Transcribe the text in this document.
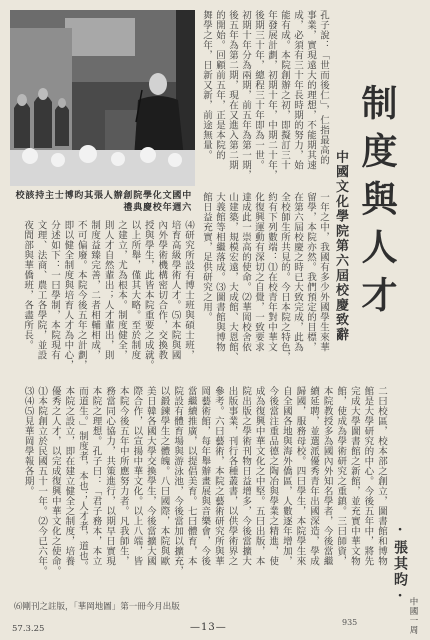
中國文化學院創辦人張其昀博士主持該校
六週年校慶典禮	制度與人才
中國文化學院第六屆校慶致辭
·張其昀·
孔子說：「世而後仁」，仁指最高的
事業，實現遠大的理想，不能期其速
成，必須有三十年長時期的努力，始
能有成。本院創辦之初，即擬訂三十
年發展計劃，初期十年，中期二十年，
後期三十年，總程三十年即為一世。
初期十年分為兩期，前五年為第一期，
後五年為第二期，現在又進入第二期
的開始。回顧前五年，正是本院的
舞學之年，日新又新，前途無量。
一年之中，我國有多少外國學生來華
留學，本院亦然。我們預定的目標，
在第六屆校慶之時已大致完成，此為
全校師生所共見的。今日本院之特色，
約有下列數端：⑴在校青年對中華文
化復興運動有深切之自覺，一致要求
達成此一崇高的使命。⑵華岡校舍依
山建築，規模宏遠，大成館、大恩館、
大義館等相繼落成。⑶圖書館與博物
館日益充實，足供研究之用。
⑷研究所設有博士班與碩士班，
培育高級學術人才。⑸本院與國
內外學術機構密切合作，交換教
授與學生，此皆本院重要之成就。
以上所舉，僅其大略。至於制度
之建立，尤為根本。制度健全，
則人才自然輩出；人才輩出，則
制度益臻完善，二者相輔相成，
不可偏廢。本院今後五年之計劃，
即以健全制度與培育人才為中心，
分述如下：一曰學制，本院現有
文理、法商、農工各學院，並設
夜間部與華僑班，各盡所長。
二曰校區，校本部之創立，圖書館和博物
館是大學研究的中心。今後五年中，將先
完成大學圖書館之新館，並充實中華文物
館，使成為學術研究之重鎮。三曰師資，
本院教授多為國內外知名學者，今後當繼
續延聘，並選派優秀青年出國深造，學成
歸國，服務母校。四曰學生，本院學生來
自全國各地與海外僑區，人數逐年增加，
今後當注重品德之陶冶與學業之精進，使
成為復興中華文化之中堅。五曰出版，本
院出版之學術刊物日益增多，今後當擴大
出版事業，刊行各種叢書，以供學術界之
參考。六曰藝術，本院之藝術研究所與華
岡藝術館，每年舉辦畫展與音樂會，今後
當繼續推廣，以提倡美育。七曰體育，本
院設有體育場與游泳池，今後當加以擴充，
以鍛鍊學生之體魄。八曰國際，本院與歐
美日韓各國大學交換學生，今後當擴大國
際合作，以宣揚中華文化。以上八端，皆
本院今後五年中所應努力者。凡我師生，
務當同心協力，共策進行，以期早日實現
本院之理想。孔子曰：「君子務本，本立
而道生。」制度者，本也；人才者，道也。
本院之設立，即在建立健全之制度，培養
優秀之人才，以完成復興中華文化之使命。
⑴本院創立於民國五十一年。⑵今已六年。
⑶⑷⑸見華岡學報各期。
⑹剛刊之註版，「華岡地圖」第一冊今月出版
57.3.25	—13—	935	中國一周
